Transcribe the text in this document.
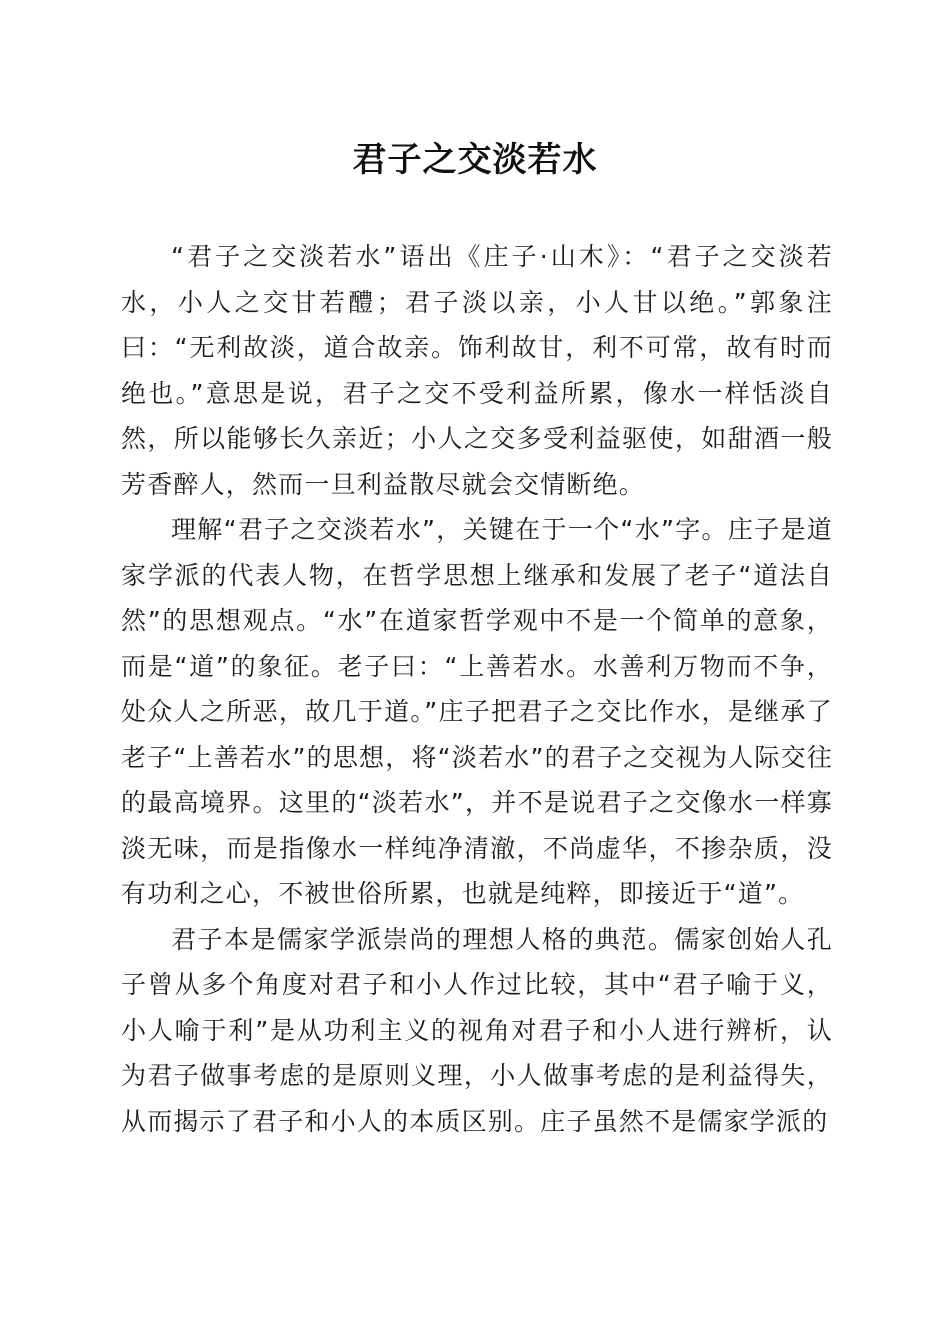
君子之交淡若水

“君子之交淡若水”语出《庄子·山木》：“君子之交淡若水，小人之交甘若醴；君子淡以亲，小人甘以绝。”郭象注曰：“无利故淡，道合故亲。饰利故甘，利不可常，故有时而绝也。”意思是说，君子之交不受利益所累，像水一样恬淡自然，所以能够长久亲近；小人之交多受利益驱使，如甜酒一般芳香醉人，然而一旦利益散尽就会交情断绝。

理解“君子之交淡若水”，关键在于一个“水”字。庄子是道家学派的代表人物，在哲学思想上继承和发展了老子“道法自然”的思想观点。“水”在道家哲学观中不是一个简单的意象，而是“道”的象征。老子曰：“上善若水。水善利万物而不争，处众人之所恶，故几于道。”庄子把君子之交比作水，是继承了老子“上善若水”的思想，将“淡若水”的君子之交视为人际交往的最高境界。这里的“淡若水”，并不是说君子之交像水一样寡淡无味，而是指像水一样纯净清澈，不尚虚华，不掺杂质，没有功利之心，不被世俗所累，也就是纯粹，即接近于“道”。

君子本是儒家学派崇尚的理想人格的典范。儒家创始人孔子曾从多个角度对君子和小人作过比较，其中“君子喻于义，小人喻于利”是从功利主义的视角对君子和小人进行辨析，认为君子做事考虑的是原则义理，小人做事考虑的是利益得失，从而揭示了君子和小人的本质区别。庄子虽然不是儒家学派的
